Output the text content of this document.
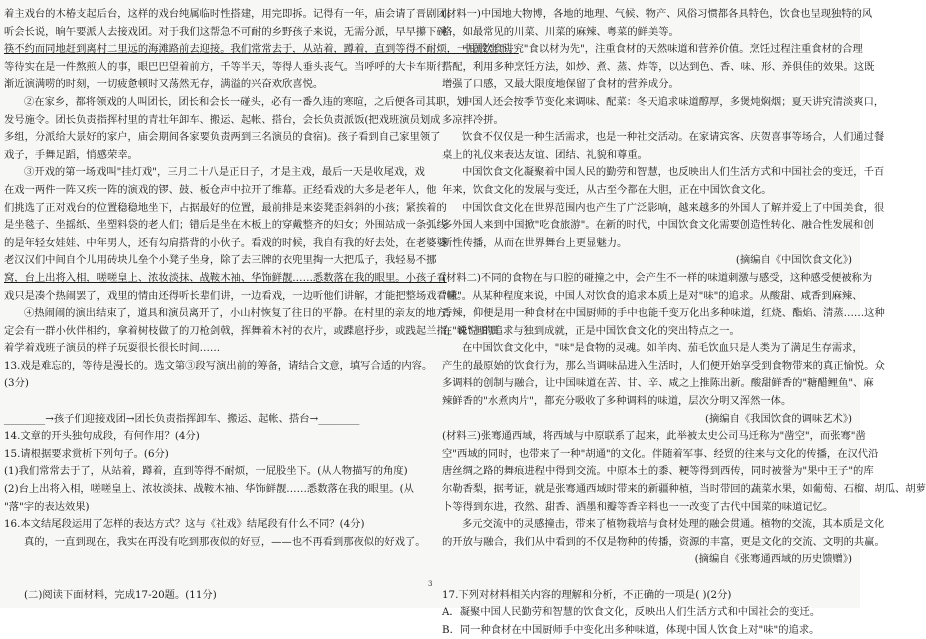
着主戏台的木椿支起后台，这样的戏台纯属临时性搭建，用完即拆。记得有一年，庙会请了晋剧团。
听会长说，晌午要派人去接戏团。对于我们这帮急不可耐的乡野孩子来说，无需分派，早早攥下碗
筷不约而同地赶到离村二里远的海滩路前去迎接。我们常常去于，从站着，蹲着，直到等得不耐烦，一屁股坐下。
等待实在是一件熬煎人的事，眼巴巴望着前方，千等半天，等得人垂头丧气。当呼呼的大卡车斯行
渐近演满唠的时刻，一切疲惫顿时又荡然无存，满溢的兴奋欢欣喜悦。
②在家乡，都将领戏的人叫团长，团长和会长一碰头，必有一番久违的寒暄，之后便各司其职，划
发号施令。团长负责指挥村里的青壮年卸车、搬运、起帐、搭台，会长负责派饭(把戏班演员划成
多组，分派给大景好的家户，庙会期间各家要负责两到三名演员的食宿)。孩子看到自己家里领了
戏子，手舞足蹈，悄感荣幸。
③开戏的第一场戏叫"挂灯戏"，三月二十八是正日子，才是主戏，最后一天是收尾戏，戏
在戏一两件一阵又疾一阵的演戏的锣、鼓、板仓声中拉开了维幕。正经看戏的大多是老年人，他
们挑选了正对戏台的位置稳稳地坐下，占据最好的位置，最前排是来姿凳歪斜斜的小孩；紧挨着的
是坐毯子、坐摇纸、坐塑料袋的老人们；错后是坐在木板上的穿戴整齐的妇女；外围站成一条弧线
的是年轻女娃娃、中年男人，还有勾肩搭背的小伙子。看戏的时候，我自有我的好去处，在老婆婆
老汉汉们中间自个儿用砖块儿垒个小凳子坐身，除了去三牌的衣兜里掏一大把瓜子，我轻易不挪
窝，台上出将入相，嗟嗟皇上、浓妆淡抹、战鞍木袖、华饰鲜靓……悉数落在我的眼里。小孩子看
戏只是凑个热闹罢了，戏里的情由还得听长辈们讲，一边看戏，一边听他们讲解，才能把整场戏看懂。
④热闹闹的演出结束了，道具和演员离开了，小山村恢复了往日的平静。在村里的亲友的地方，
定会有一群小伙伴相约，拿着树枝做了的刀枪剑戟，挥舞着木衬的衣片，或蹀扈抒步，或践起兰指，说说唱唱
着学着戏班子演员的样子玩耍很长很长时间……
13.戏是难忘的，等待是漫长的。选文第③段写演出前的筹备，请结合文意，填写合适的内容。
(3分)
________→孩子们迎接戏团→团长负责指挥卸车、搬运、起帐、搭台→________
14.文章的开头独句成段，有何作用？(4分)
15.请根据要求赏析下列句子。(6分)
(1)我们常常去于了，从站着，蹲着，直到等得不耐烦，一屁股坐下。(从人物描写的角度)
(2)台上出将入相，嗟嗟皇上、浓妆淡抹、战鞍木袖、华饰鲜靓……悉数落在我的眼里。(从
"落"字的表达效果)
16.本文结尾段运用了怎样的表达方式？这与《社戏》结尾段有什么不同？(4分)
真的，一直到现在，我实在再没有吃到那夜似的好豆，——也不再看到那夜似的好戏了。
(二)阅读下面材料，完成17-20题。(11分)
(材料一)中国地大物博，各地的地理、气候、物产、风俗习惯都各具特色，饮食也呈现独特的风
格，如最常见的川菜、川菜的麻辣、粤菜的鲜美等。
中国饮食讲究"食以材为先"，注重食材的天然味道和营养价值。烹饪过程注重食材的合理
搭配，利用多种烹饪方法，如炒、煮、蒸、炸等，以达到色、香、味、形、养俱佳的效果。这既
增强了口感，又最大限度地保留了食材的营养成分。
中国人还会按季节变化来调味、配菜：冬天追求味道醇厚，多煲炖焖烟；夏天讲究清淡爽口，
多凉拌冷拼。
饮食不仅仅是一种生活需求，也是一种社交活动。在家请宾客、庆贺喜事等场合，人们通过餐
桌上的礼仪来表达友谊、团结、礼貌和尊重。
中国饮食文化凝聚着中国人民的勤劳和智慧，也反映出人们生活方式和中国社会的变迁，千百
年来，饮食文化的发展与变迁，从古至今都在大胆，正在中国饮食文化。
中国饮食文化在世界范围内也产生了广泛影响，越来越多的外国人了解并爱上了中国美食，很
多外国人来到中国掀"吃食旅游"。在新的时代，中国饮食文化需要创造性转化、融合性发展和创
新性传播，从而在世界舞台上更显魅力。
(摘编自《中国饮食文化》)
(材料二)不同的食物在与口腔的碰撞之中，会产生不一样的味道刺激与感受，这种感受便被称为
"味"。从某种程度来说，中国人对饮食的追求本质上是对"味"的追求。从酸甜、咸香到麻辣、
香辣，仰便是用一种食材在中国厨师的手中也能千变万化出多种味道，红烧、酯焰、清蒸……这种
在"味"上的追求与独到成就，正是中国饮食文化的突出特点之一。
在中国饮食文化中，"味"是食物的灵魂。如羊肉、茄毛饮血只是人类为了满足生存需求，
产生的最原始的饮食行为，那么当调味品进入生活时，人们便开始享受到食物带来的真正愉悦。众
多调料的创制与融合，让中国味道在苦、甘、辛、咸之上推陈出新。酸甜鲜香的"糖醋鲤鱼"、麻
辣鲜香的"水煮肉片"，都充分吸收了多种调料的味道，层次分明又浑然一体。
(摘编自《我国饮食的调味艺术》)
(材料三)张骞通西域，将西域与中原联系了起来，此举被太史公司马迁称为"凿空"，而张骞"凿
空"西域的同时，也带来了一种"胡通"的文化。伴随着军事、经贸的往来与文化的传播，在汉代沿
唐丝绸之路的舞痕进程中得到交流。中原本土的黍、粳等得到西传，同时被誉为"果中王子"的库
尔勒香梨，据考证，就是张骞通西域时带来的新疆种植，当时带回的蔬菜水果，如葡萄、石榴、胡瓜、胡萝
卜等得到东进，孜然、甜香、洒墨和瓣等香辛料也一一改变了古代中国菜的味道记忆。
多元交流中的灵感撞击，带来了植物栽培与食材处理的融会贯通。植物的交流，其本质是文化
的开放与融合，我们从中看到的不仅是物种的传播，资源的丰富，更是文化的交流、文明的共赢。
(摘编自《张骞通西域的历史馈赠》)
17.下列对材料相关内容的理解和分析，不正确的一项是( )(2分)
A．凝聚中国人民勤劳和智慧的饮食文化，反映出人们生活方式和中国社会的变迁。
B．同一种食材在中国厨师手中变化出多种味道，体现中国人饮食上对"味"的追求。
3
